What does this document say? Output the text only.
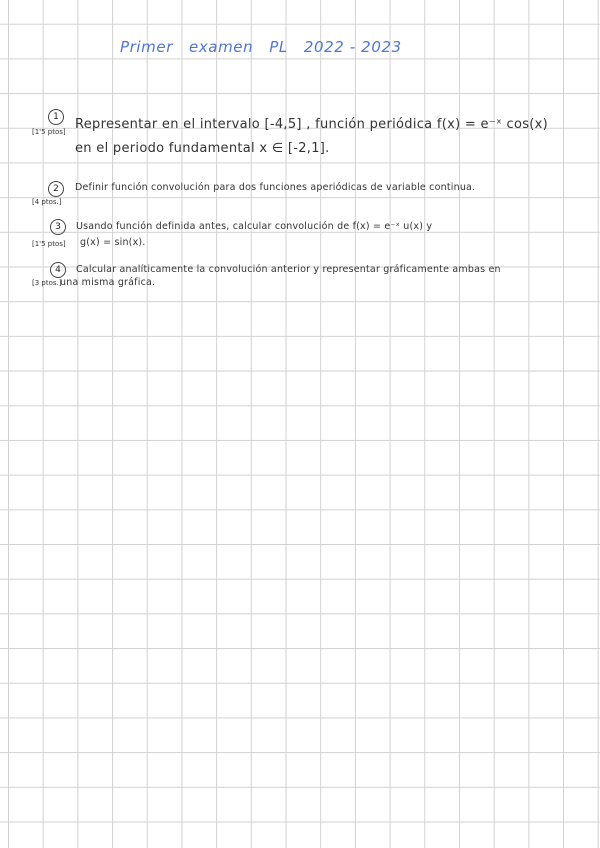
Primer examen PL 2022 - 2023
1
[1'5 ptos] Representar en el intervalo [-4,5] , función periódica f(x) = e⁻ˣ cos(x)
en el periodo fundamental x ∈ [-2,1].
2
[4 ptos.]
Definir función convolución para dos funciones aperiódicas de variable continua.
3	Usando función definida antes, calcular convolución de f(x) = e⁻ˣ u(x) y
[1'5 ptos] g(x) = sin(x).
4	Calcular analíticamente la convolución anterior y representar gráficamente ambas en
[3 ptos.]
una misma gráfica.
